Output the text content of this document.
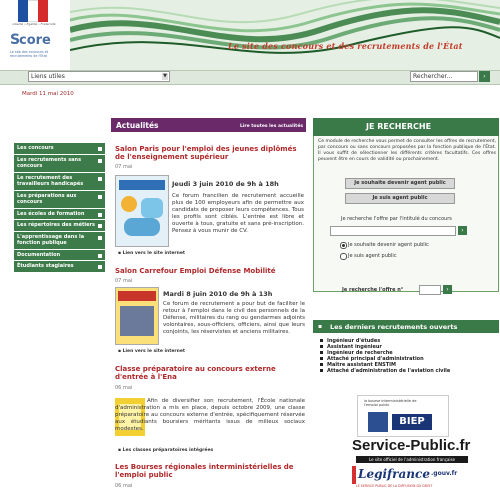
Liberté • Égalité • Fraternité
S
core
Le site des concours et recrutements de l'État
Le site des concours et des recrutements de l'État
Liens utiles	▼	Rechercher...	›
Mardi 11 mai 2010
Les concours
Les recrutements sans concours
Le recrutement des travailleurs handicapés
Les préparations aux concours
Les écoles de formation
Les répertoires des métiers
L'apprentissage dans la fonction publique
Documentation
Étudiants stagiaires
Actualités	Lire toutes les actualités
Salon Paris pour l'emploi des jeunes diplômés de l'enseignement supérieur
07 mai
Jeudi 3 juin 2010 de 9h à 18h
Ce forum francilien de recrutement accueille plus de 100 employeurs afin de permettre aux candidats de proposer leurs compétences. Tous les profils sont ciblés. L'entrée est libre et ouverte à tous, gratuite et sans pré-inscription. Pensez à vous munir de CV.
▪ Lien vers le site internet
Salon Carrefour Emploi Défense Mobilité
07 mai
Mardi 8 juin 2010 de 9h à 13h
Ce forum de recrutement a pour but de faciliter le retour à l'emploi dans le civil des personnels de la Défense, militaires du rang ou gendarmes adjoints volontaires, sous-officiers, officiers, ainsi que leurs conjoints, les réservistes et anciens militaires.
▪ Lien vers le site internet
Classe préparatoire au concours externe d'entrée à l'Ena
06 mai
Afin de diversifier son recrutement, l'École nationale d'administration a mis en place, depuis octobre 2009, une classe préparatoire au concours externe d'entrée, spécifiquement réservée aux étudiants boursiers méritants issus de milieux sociaux modestes.
▪ Les classes préparatoires intégrées
Les Bourses régionales interministérielles de l'emploi public
06 mai
JE RECHERCHE
Ce module de recherche vous permet de consulter les offres de recrutement, par concours ou sans concours proposées par la fonction publique de l'État. Il vous suffit de sélectionner les différents critères facultatifs. Ces offres peuvent être en cours de validité ou prochainement.
Je souhaite devenir agent public
Je suis agent public
Je recherche l'offre par l'intitulé du concours
›
Je souhaite devenir agent public
Je suis agent public
Je recherche l'offre n°	›
▪ Les derniers recrutements ouverts
Ingénieur d'études
Assistant ingénieur
Ingénieur de recherche
Attaché principal d'administration
Maître assistant ENSTIM
Attaché d'administration de l'aviation civile
la bourse interministérielle de l'emploi public
BIEP
Service-Public.fr
Le site officiel de l'administration française
Legifrance .gouv.fr
LE SERVICE PUBLIC DE LA DIFFUSION DU DROIT
